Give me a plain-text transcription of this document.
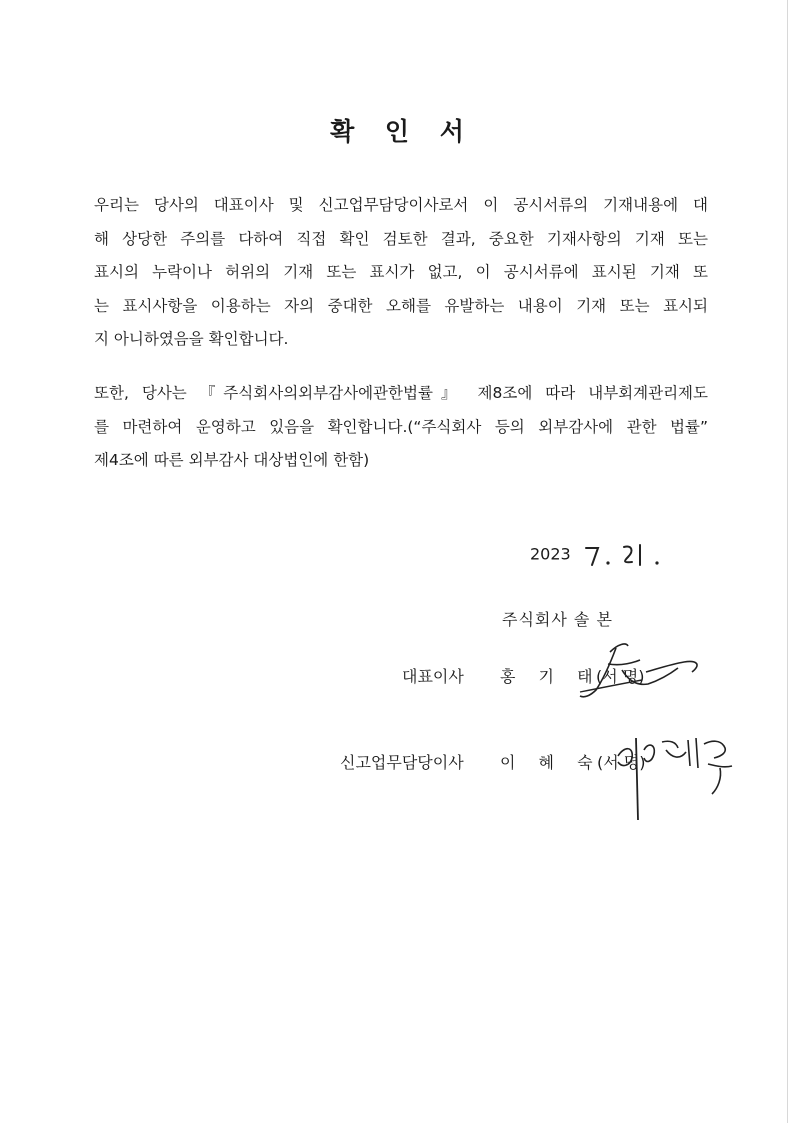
확 인 서

우리는 당사의 대표이사 및 신고업무담당이사로서 이 공시서류의 기재내용에 대
해 상당한 주의를 다하여 직접 확인 검토한 결과, 중요한 기재사항의 기재 또는
표시의 누락이나 허위의 기재 또는 표시가 없고, 이 공시서류에 표시된 기재 또
는 표시사항을 이용하는 자의 중대한 오해를 유발하는 내용이 기재 또는 표시되
지 아니하였음을 확인합니다.

또한, 당사는 『주식회사의외부감사에관한법률』 제8조에 따라 내부회계관리제도
를 마련하여 운영하고 있음을 확인합니다.(“주식회사 등의 외부감사에 관한 법률”
제4조에 따른 외부감사 대상법인에 한함)

2023
주식회사 솔 본
대표이사 홍 기 태
(서 명)
신고업무담당이사 이 혜 숙
(서 명)
